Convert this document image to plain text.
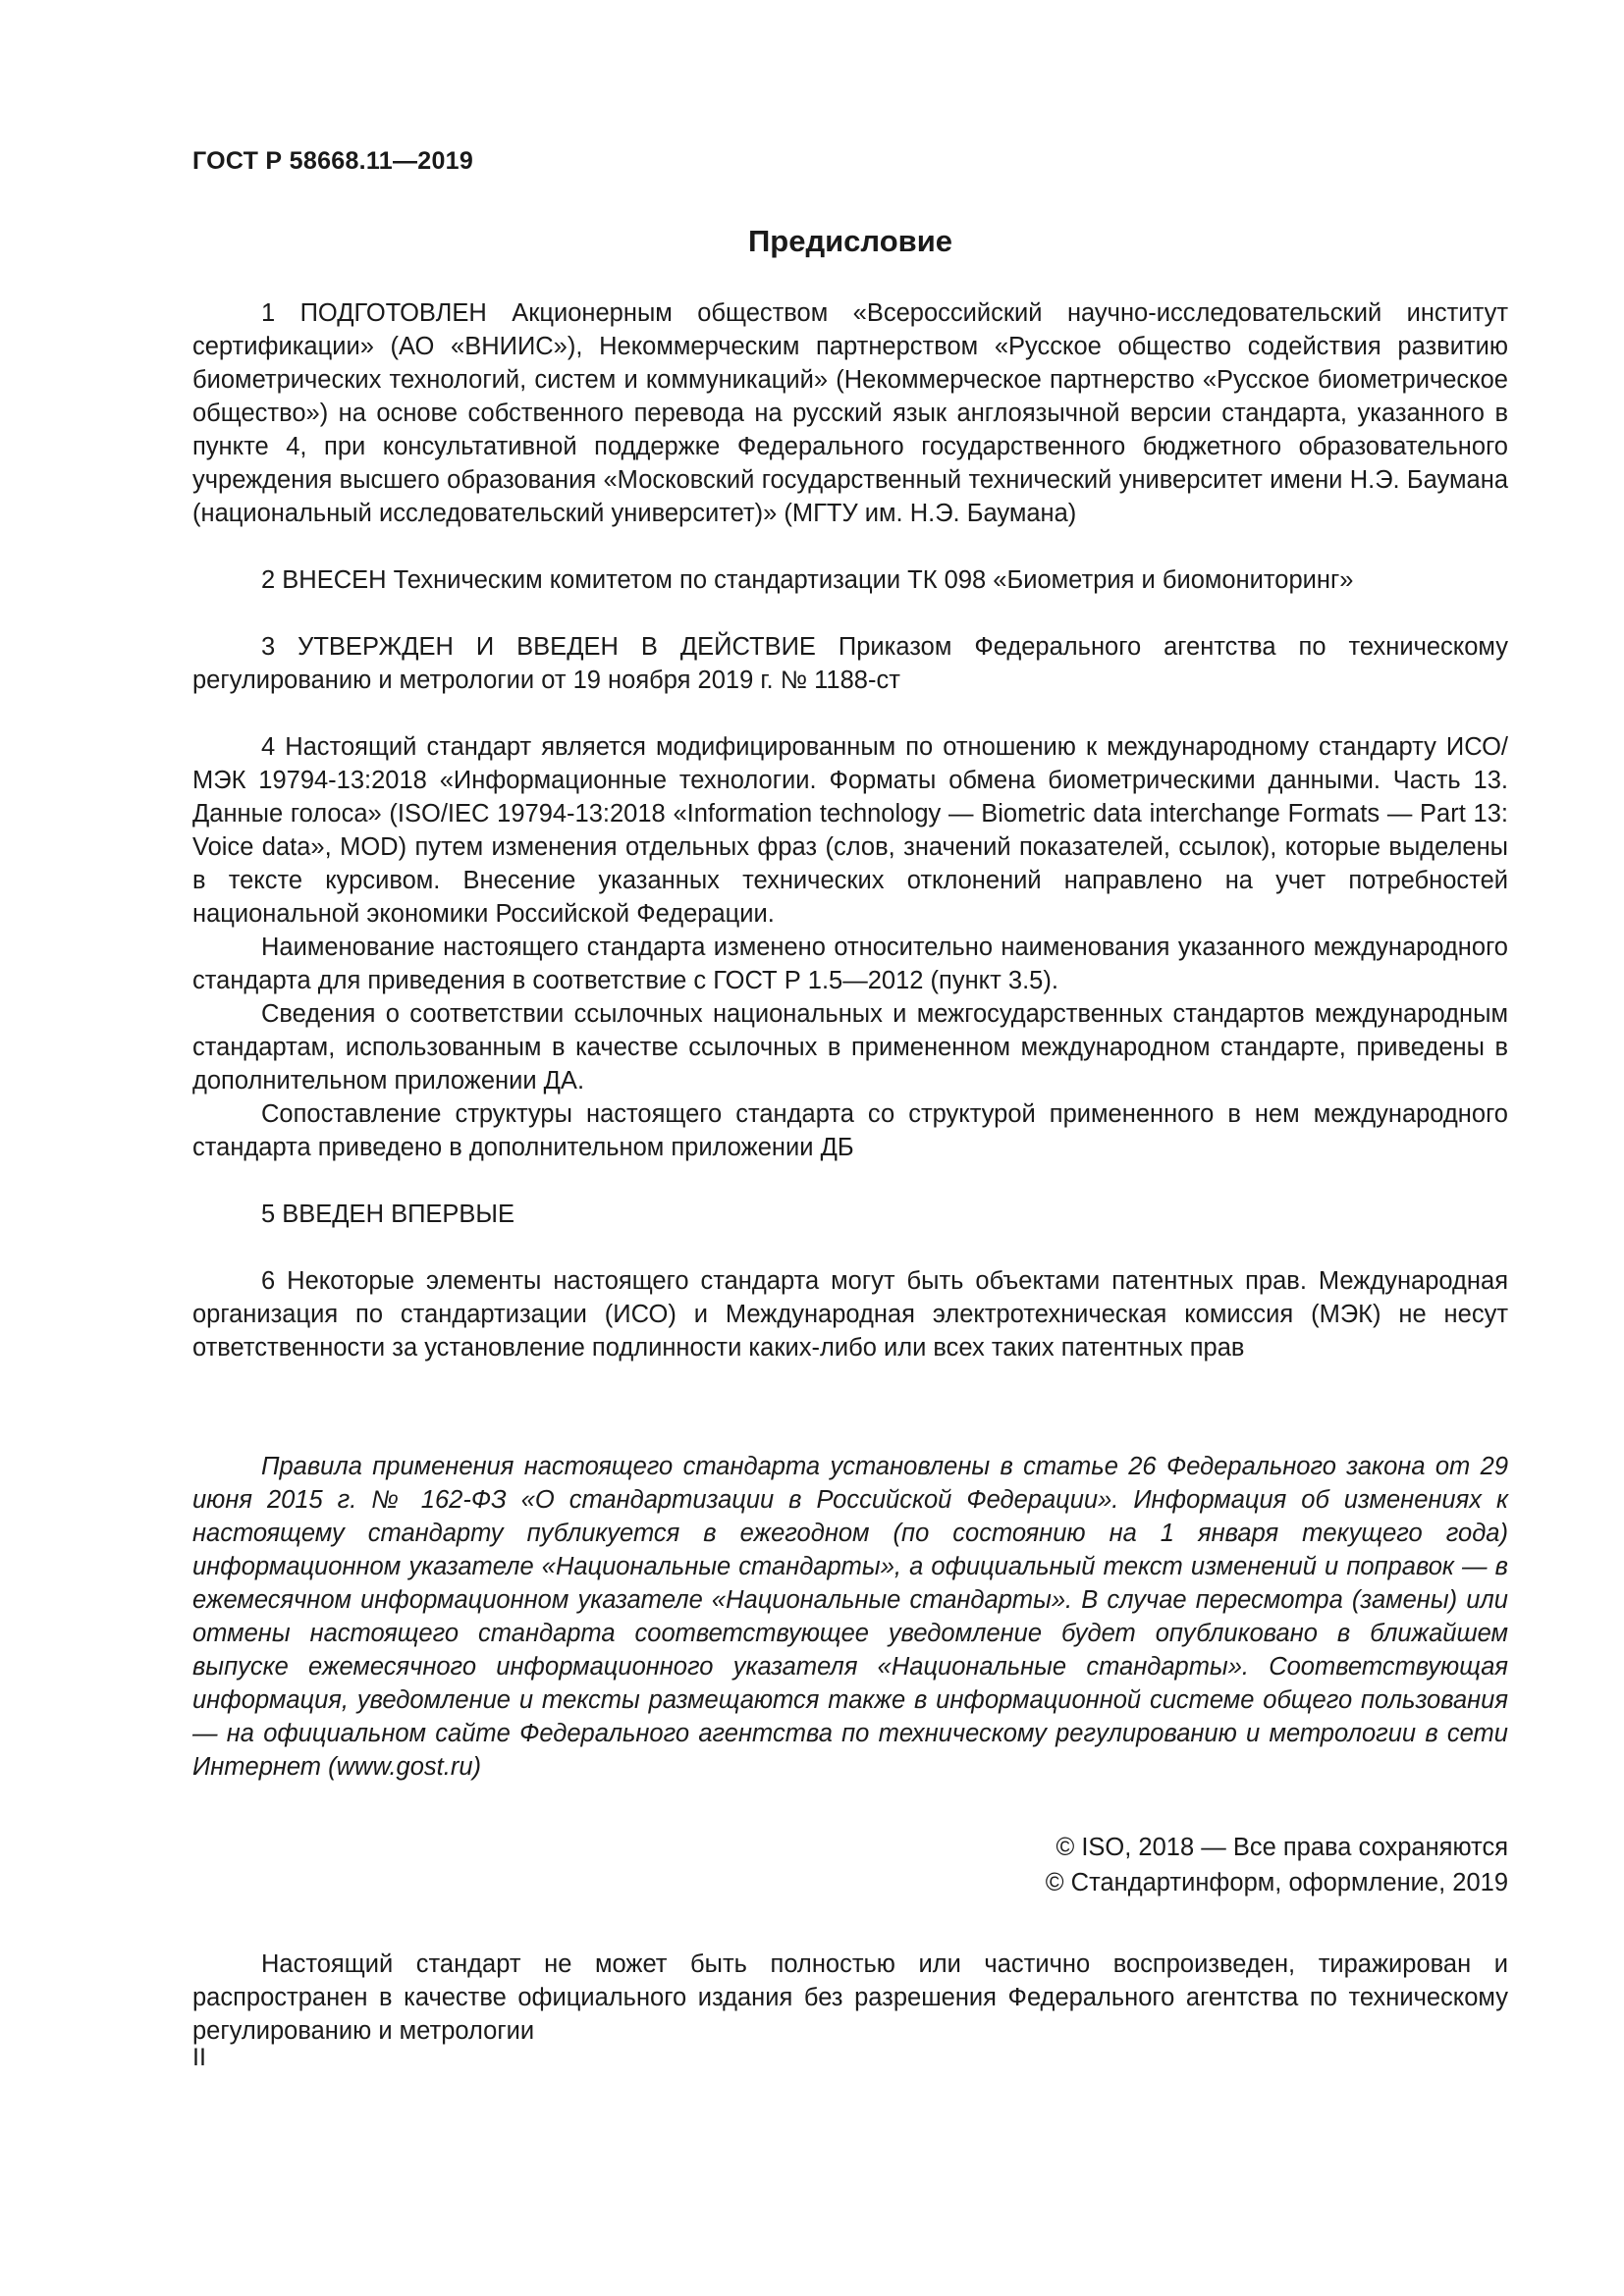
ГОСТ Р 58668.11—2019
Предисловие

1 ПОДГОТОВЛЕН Акционерным обществом «Всероссийский научно-исследовательский институт сертификации» (АО «ВНИИС»), Некоммерческим партнерством «Русское общество содействия развитию биометрических технологий, систем и коммуникаций» (Некоммерческое партнерство «Русское биометрическое общество») на основе собственного перевода на русский язык англоязычной версии стандарта, указанного в пункте 4, при консультативной поддержке Федерального государственного бюджетного образовательного учреждения высшего образования «Московский государственный технический университет имени Н.Э. Баумана (национальный исследовательский университет)» (МГТУ им. Н.Э. Баумана)

2 ВНЕСЕН Техническим комитетом по стандартизации ТК 098 «Биометрия и биомониторинг»

3 УТВЕРЖДЕН И ВВЕДЕН В ДЕЙСТВИЕ Приказом Федерального агентства по техническому регулированию и метрологии от 19 ноября 2019 г. № 1188-ст

4 Настоящий стандарт является модифицированным по отношению к международному стандарту ИСО/МЭК 19794-13:2018 «Информационные технологии. Форматы обмена биометрическими данными. Часть 13. Данные голоса» (ISO/IEC 19794-13:2018 «Information technology — Biometric data interchange Formats — Part 13: Voice data», MOD) путем изменения отдельных фраз (слов, значений показателей, ссылок), которые выделены в тексте курсивом. Внесение указанных технических отклонений направлено на учет потребностей национальной экономики Российской Федерации.

Наименование настоящего стандарта изменено относительно наименования указанного международного стандарта для приведения в соответствие с ГОСТ Р 1.5—2012 (пункт 3.5).

Сведения о соответствии ссылочных национальных и межгосударственных стандартов международным стандартам, использованным в качестве ссылочных в примененном международном стандарте, приведены в дополнительном приложении ДА.

Сопоставление структуры настоящего стандарта со структурой примененного в нем международного стандарта приведено в дополнительном приложении ДБ

5 ВВЕДЕН ВПЕРВЫЕ

6 Некоторые элементы настоящего стандарта могут быть объектами патентных прав. Международная организация по стандартизации (ИСО) и Международная электротехническая комиссия (МЭК) не несут ответственности за установление подлинности каких-либо или всех таких патентных прав

Правила применения настоящего стандарта установлены в статье 26 Федерального закона от 29 июня 2015 г. № 162-ФЗ «О стандартизации в Российской Федерации». Информация об изменениях к настоящему стандарту публикуется в ежегодном (по состоянию на 1 января текущего года) информационном указателе «Национальные стандарты», а официальный текст изменений и поправок — в ежемесячном информационном указателе «Национальные стандарты». В случае пересмотра (замены) или отмены настоящего стандарта соответствующее уведомление будет опубликовано в ближайшем выпуске ежемесячного информационного указателя «Национальные стандарты». Соответствующая информация, уведомление и тексты размещаются также в информационной системе общего пользования — на официальном сайте Федерального агентства по техническому регулированию и метрологии в сети Интернет (www.gost.ru)

© ISO, 2018 — Все права сохраняются
© Стандартинформ, оформление, 2019

Настоящий стандарт не может быть полностью или частично воспроизведен, тиражирован и распространен в качестве официального издания без разрешения Федерального агентства по техническому регулированию и метрологии

II
